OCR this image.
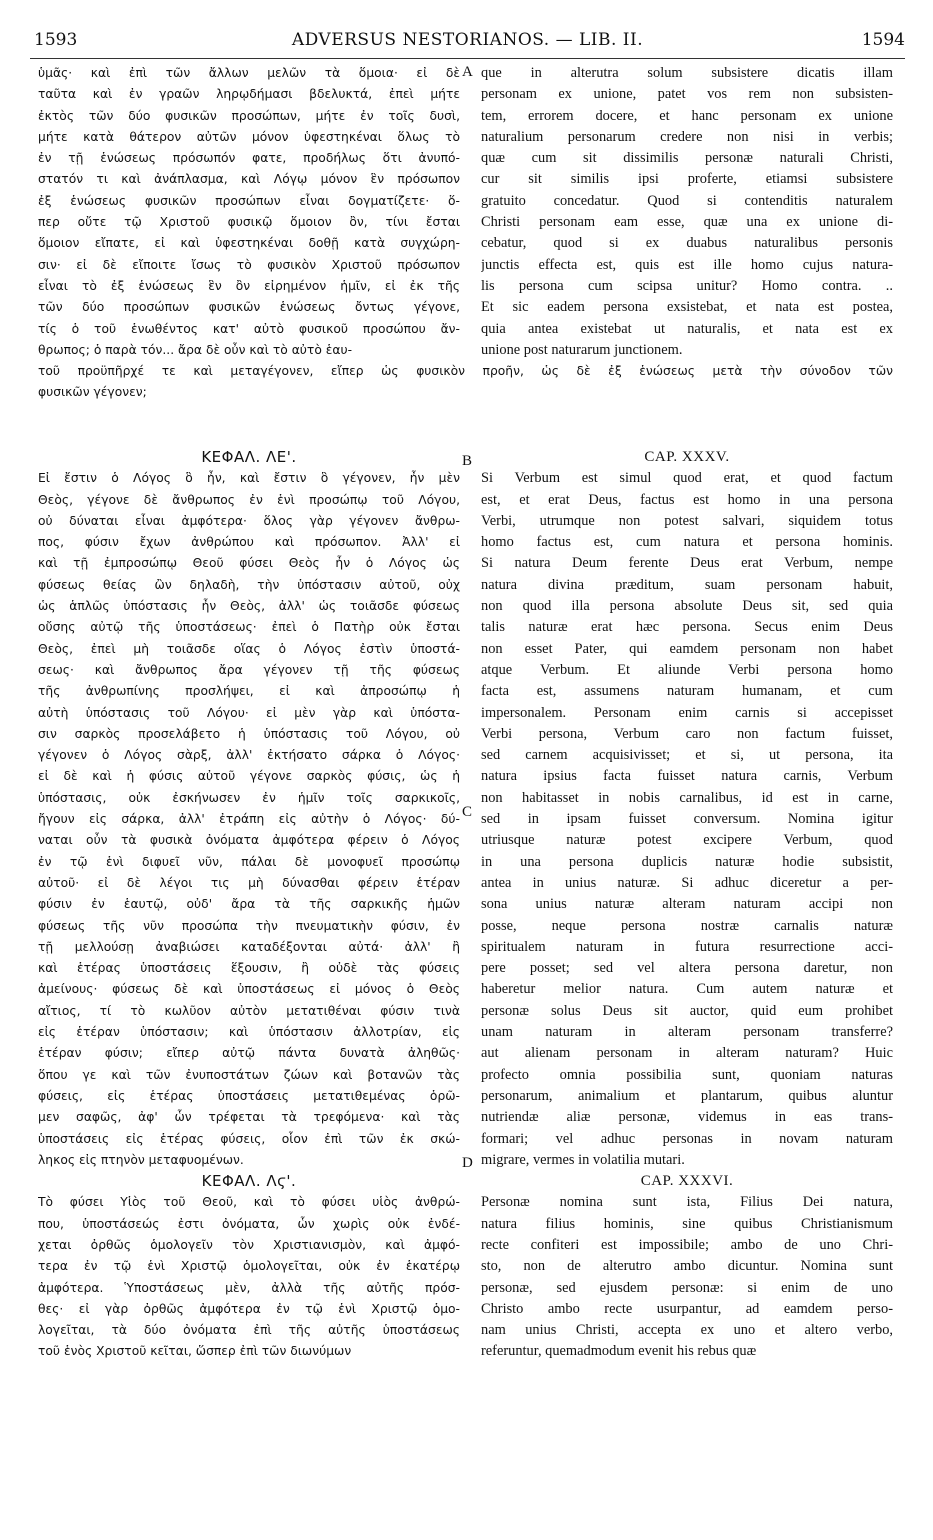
1593	ADVERSUS NESTORIANOS. — LIB. II.	1594
A
B
C
D
ὑμᾶς· καὶ ἐπὶ τῶν ἄλλων μελῶν τὰ ὅμοια· εἰ δὲ
ταῦτα καὶ ἐν γραῶν ληρῳδήμασι βδελυκτά, ἐπεὶ μήτε
ἐκτὸς τῶν δύο φυσικῶν προσώπων, μήτε ἐν τοῖς δυσὶ,
μήτε κατὰ θάτερον αὐτῶν μόνον ὑφεστηκέναι ὅλως τὸ
ἐν τῇ ἑνώσεως πρόσωπόν φατε, προδήλως ὅτι ἀνυπό-
στατόν τι καὶ ἀνάπλασμα, καὶ Λόγῳ μόνον ἓν πρόσωπον
ἐξ ἑνώσεως φυσικῶν προσώπων εἶναι δογματίζετε· ὅ-
περ οὔτε τῷ Χριστοῦ φυσικῷ ὅμοιον ὂν, τίνι ἔσται
ὅμοιον εἴπατε, εἰ καὶ ὑφεστηκέναι δοθῇ κατὰ συγχώρη-
σιν· εἰ δὲ εἴποιτε ἴσως τὸ φυσικὸν Χριστοῦ πρόσωπον
εἶναι τὸ ἐξ ἑνώσεως ἓν ὂν εἰρημένον ἡμῖν, εἰ ἐκ τῆς
τῶν δύο προσώπων φυσικῶν ἑνώσεως ὄντως γέγονε,
τίς ὁ τοῦ ἑνωθέντος κατ' αὐτὸ φυσικοῦ προσώπου ἄν-
θρωπος; ὁ παρὰ τόν... ἄρα δὲ οὖν καὶ τὸ αὐτὸ ἑαυ-
que in alterutra solum subsistere dicatis illam
personam ex unione, patet vos rem non subsisten-
tem, errorem docere, et hanc personam ex unione
naturalium personarum credere non nisi in verbis;
quæ cum sit dissimilis personæ naturali Christi,
cur sit similis ipsi proferte, etiamsi subsistere
gratuito concedatur. Quod si contenditis naturalem
Christi personam eam esse, quæ una ex unione di-
cebatur, quod si ex duabus naturalibus personis
junctis effecta est, quis est ille homo cujus natura-
lis persona cum scipsa unitur? Homo contra. ..
Et sic eadem persona exsistebat, et nata est postea,
quia antea existebat ut naturalis, et nata est ex
unione post naturarum junctionem.
τοῦ προϋπῆρχέ τε καὶ μεταγέγονεν, εἴπερ ὡς φυσικὸν προῆν, ὡς δὲ ἐξ ἑνώσεως μετὰ τὴν σύνοδον τῶν
φυσικῶν γέγονεν;
ΚΕΦΑΛ. ΛΕ'.
Εἰ ἔστιν ὁ Λόγος ὃ ἦν, καὶ ἔστιν ὃ γέγονεν, ἦν μὲν
Θεὸς, γέγονε δὲ ἄνθρωπος ἐν ἑνὶ προσώπῳ τοῦ Λόγου,
οὐ δύναται εἶναι ἀμφότερα· ὅλος γὰρ γέγονεν ἄνθρω-
πος, φύσιν ἔχων ἀνθρώπου καὶ πρόσωπον. Ἀλλ' εἰ
καὶ τῇ ἐμπροσώπῳ Θεοῦ φύσει Θεὸς ἦν ὁ Λόγος ὡς
φύσεως θείας ὢν δηλαδὴ, τὴν ὑπόστασιν αὐτοῦ, οὐχ
ὡς ἁπλῶς ὑπόστασις ἦν Θεὸς, ἀλλ' ὡς τοιᾶσδε φύσεως
οὔσης αὐτῷ τῆς ὑποστάσεως· ἐπεὶ ὁ Πατὴρ οὐκ ἔσται
Θεὸς, ἐπεὶ μὴ τοιᾶσδε οἵας ὁ Λόγος ἐστὶν ὑποστά-
σεως· καὶ ἄνθρωπος ἄρα γέγονεν τῇ τῆς φύσεως
τῆς ἀνθρωπίνης προσλήψει, εἰ καὶ ἀπροσώπῳ ἡ
αὐτὴ ὑπόστασις τοῦ Λόγου· εἰ μὲν γὰρ καὶ ὑπόστα-
σιν σαρκὸς προσελάβετο ἡ ὑπόστασις τοῦ Λόγου, οὐ
γέγονεν ὁ Λόγος σὰρξ, ἀλλ' ἐκτήσατο σάρκα ὁ Λόγος·
εἰ δὲ καὶ ἡ φύσις αὐτοῦ γέγονε σαρκὸς φύσις, ὡς ἡ
ὑπόστασις, οὐκ ἐσκήνωσεν ἐν ἡμῖν τοῖς σαρκικοῖς,
ἤγουν εἰς σάρκα, ἀλλ' ἐτράπη εἰς αὐτὴν ὁ Λόγος· δύ-
ναται οὖν τὰ φυσικὰ ὀνόματα ἀμφότερα φέρειν ὁ Λόγος
ἐν τῷ ἑνὶ διφυεῖ νῦν, πάλαι δὲ μονοφυεῖ προσώπῳ
αὐτοῦ· εἰ δὲ λέγοι τις μὴ δύνασθαι φέρειν ἑτέραν
φύσιν ἐν ἑαυτῷ, οὐδ' ἄρα τὰ τῆς σαρκικῆς ἡμῶν
φύσεως τῆς νῦν προσώπα τὴν πνευματικὴν φύσιν, ἐν
τῇ μελλούσῃ ἀναβιώσει καταδέξονται αὐτά· ἀλλ' ἢ
καὶ ἑτέρας ὑποστάσεις ἕξουσιν, ἢ οὐδὲ τὰς φύσεις
ἀμείνους· φύσεως δὲ καὶ ὑποστάσεως εἰ μόνος ὁ Θεὸς
αἴτιος, τί τὸ κωλῦον αὐτὸν μετατιθέναι φύσιν τινὰ
εἰς ἑτέραν ὑπόστασιν; καὶ ὑπόστασιν ἀλλοτρίαν, εἰς
ἑτέραν φύσιν; εἴπερ αὐτῷ πάντα δυνατὰ ἀληθῶς·
ὅπου γε καὶ τῶν ἐνυποστάτων ζώων καὶ βοτανῶν τὰς
φύσεις, εἰς ἑτέρας ὑποστάσεις μετατιθεμένας ὁρῶ-
μεν σαφῶς, ἀφ' ὧν τρέφεται τὰ τρεφόμενα· καὶ τὰς
ὑποστάσεις εἰς ἑτέρας φύσεις, οἷον ἐπὶ τῶν ἐκ σκώ-
ληκος εἰς πτηνὸν μεταφυομένων.
ΚΕΦΑΛ. Λϛ'.
Τὸ φύσει Υἱὸς τοῦ Θεοῦ, καὶ τὸ φύσει υἱὸς ἀνθρώ-
που, ὑποστάσεώς ἐστι ὀνόματα, ὧν χωρὶς οὐκ ἐνδέ-
χεται ὀρθῶς ὁμολογεῖν τὸν Χριστιανισμὸν, καὶ ἀμφό-
τερα ἐν τῷ ἑνὶ Χριστῷ ὁμολογεῖται, οὐκ ἐν ἑκατέρῳ
ἀμφότερα. Ὑποστάσεως μὲν, ἀλλὰ τῆς αὐτῆς πρόσ-
θες· εἰ γὰρ ὀρθῶς ἀμφότερα ἐν τῷ ἑνὶ Χριστῷ ὁμο-
λογεῖται, τὰ δύο ὀνόματα ἐπὶ τῆς αὐτῆς ὑποστάσεως
τοῦ ἑνὸς Χριστοῦ κεῖται, ὥσπερ ἐπὶ τῶν διωνύμων
CAP. XXXV.
Si Verbum est simul quod erat, et quod factum
est, et erat Deus, factus est homo in una persona
Verbi, utrumque non potest salvari, siquidem totus
homo factus est, cum natura et persona hominis.
Si natura Deum ferente Deus erat Verbum, nempe
natura divina præditum, suam personam habuit,
non quod illa persona absolute Deus sit, sed quia
talis naturæ erat hæc persona. Secus enim Deus
non esset Pater, qui eamdem personam non habet
atque Verbum. Et aliunde Verbi persona homo
facta est, assumens naturam humanam, et cum
impersonalem. Personam enim carnis si accepisset
Verbi persona, Verbum caro non factum fuisset,
sed carnem acquisivisset; et si, ut persona, ita
natura ipsius facta fuisset natura carnis, Verbum
non habitasset in nobis carnalibus, id est in carne,
sed in ipsam fuisset conversum. Nomina igitur
utriusque naturæ potest excipere Verbum, quod
in una persona duplicis naturæ hodie subsistit,
antea in unius naturæ. Si adhuc diceretur a per-
sona unius naturæ alteram naturam accipi non
posse, neque persona nostræ carnalis naturæ
spiritualem naturam in futura resurrectione acci-
pere posset; sed vel altera persona daretur, non
haberetur melior natura. Cum autem naturæ et
personæ solus Deus sit auctor, quid eum prohibet
unam naturam in alteram personam transferre?
aut alienam personam in alteram naturam? Huic
profecto omnia possibilia sunt, quoniam naturas
personarum, animalium et plantarum, quibus aluntur
nutriendæ aliæ personæ, videmus in eas trans-
formari; vel adhuc personas in novam naturam
migrare, vermes in volatilia mutari.
CAP. XXXVI.
Personæ nomina sunt ista, Filius Dei natura,
natura filius hominis, sine quibus Christianismum
recte confiteri est impossibile; ambo de uno Chri-
sto, non de alterutro ambo dicuntur. Nomina sunt
personæ, sed ejusdem personæ: si enim de uno
Christo ambo recte usurpantur, ad eamdem perso-
nam unius Christi, accepta ex uno et altero verbo,
referuntur, quemadmodum evenit his rebus quæ
